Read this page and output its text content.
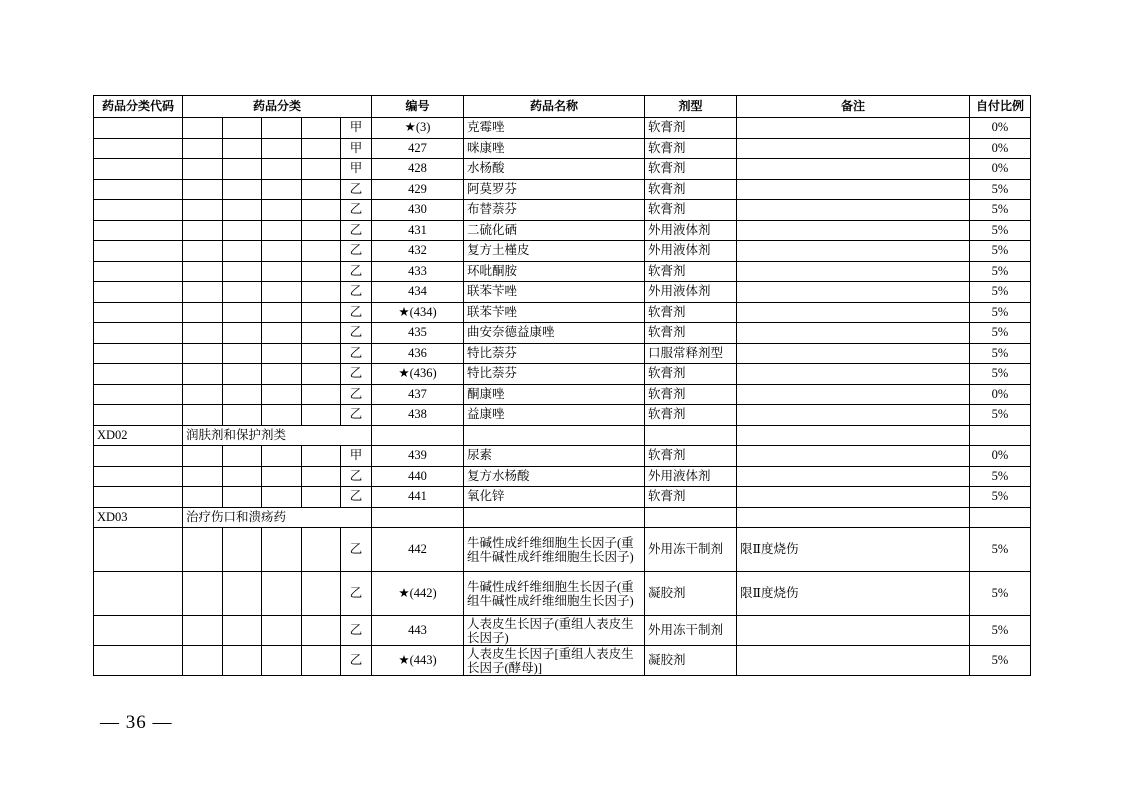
药品分类代码	药品分类					编号	药品名称	剂型	备注	自付比例
					甲	★(3)	克霉唑	软膏剂		0%
					甲	427	咪康唑	软膏剂		0%
					甲	428	水杨酸	软膏剂		0%
					乙	429	阿莫罗芬	软膏剂		5%
					乙	430	布替萘芬	软膏剂		5%
					乙	431	二硫化硒	外用液体剂		5%
					乙	432	复方土槿皮	外用液体剂		5%
					乙	433	环吡酮胺	软膏剂		5%
					乙	434	联苯苄唑	外用液体剂		5%
					乙	★(434)	联苯苄唑	软膏剂		5%
					乙	435	曲安奈德益康唑	软膏剂		5%
					乙	436	特比萘芬	口服常释剂型		5%
					乙	★(436)	特比萘芬	软膏剂		5%
					乙	437	酮康唑	软膏剂		0%
					乙	438	益康唑	软膏剂		5%
XD02	润肤剂和保护剂类									
					甲	439	尿素	软膏剂		0%
					乙	440	复方水杨酸	外用液体剂		5%
					乙	441	氧化锌	软膏剂		5%
XD03	治疗伤口和溃疡药									
					乙	442	牛碱性成纤维细胞生长因子(重组牛碱性成纤维细胞生长因子)	外用冻干制剂	限Ⅱ度烧伤	5%
					乙	★(442)	牛碱性成纤维细胞生长因子(重组牛碱性成纤维细胞生长因子)	凝胶剂	限Ⅱ度烧伤	5%
					乙	443	人表皮生长因子(重组人表皮生长因子)	外用冻干制剂		5%
					乙	★(443)	人表皮生长因子[重组人表皮生长因子(酵母)]	凝胶剂		5%
— 36 —
